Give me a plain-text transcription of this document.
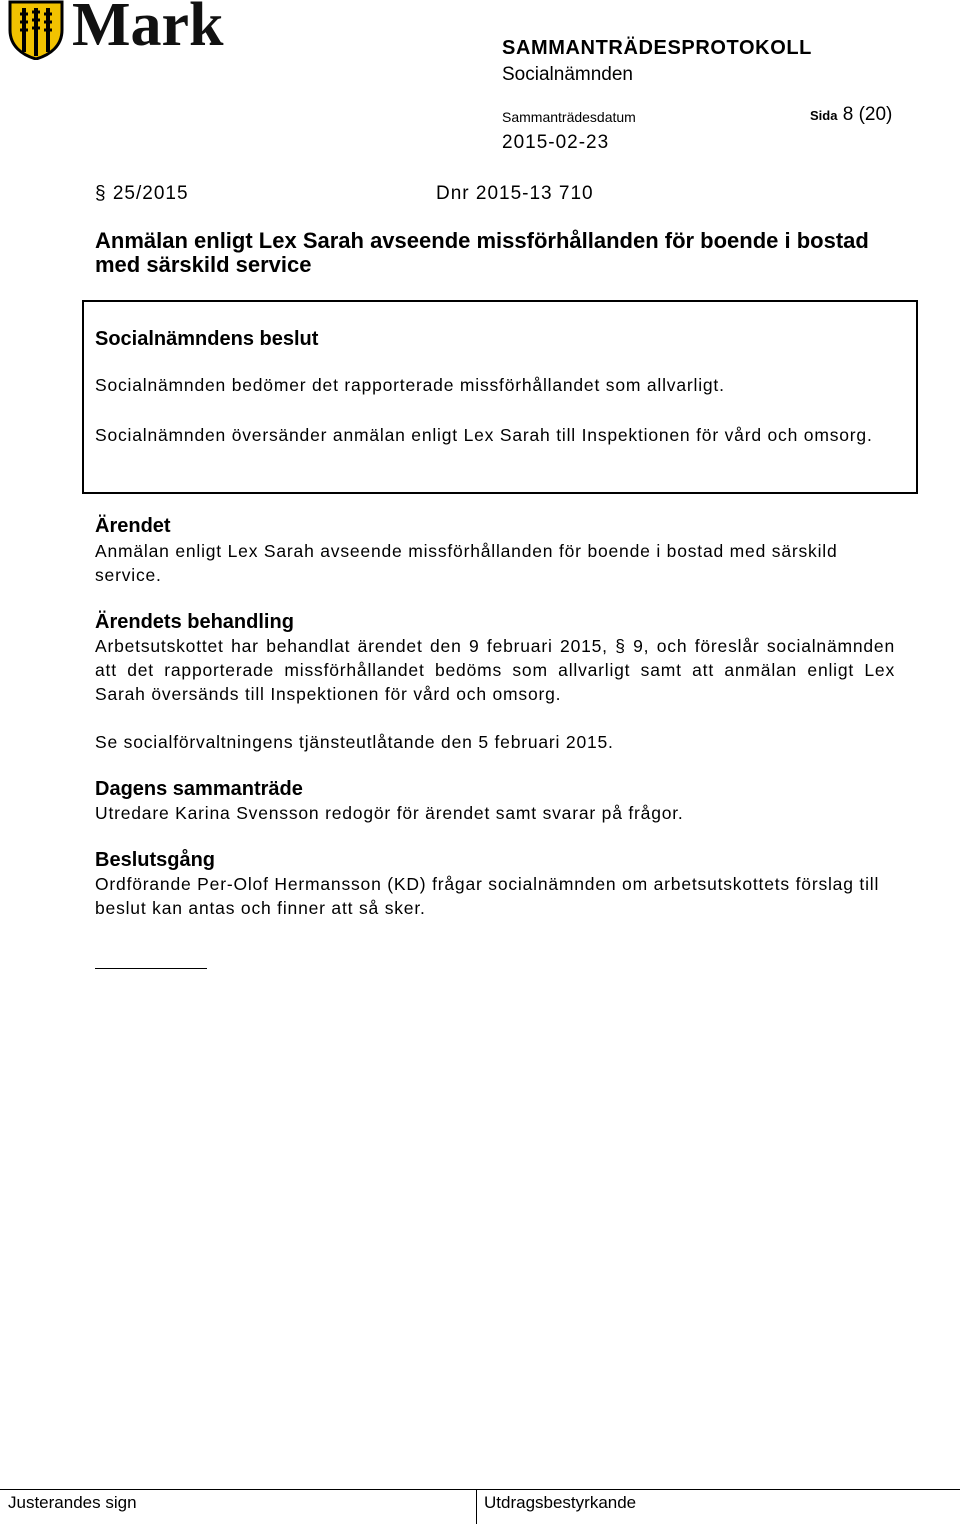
Mark	SAMMANTRÄDESPROTOKOLL
Socialnämnden
Sammanträdesdatum	Sida 8 (20)
2015-02-23
§ 25/2015	Dnr 2015-13 710
Anmälan enligt Lex Sarah avseende missförhållanden för boende i bostad med särskild service
Socialnämndens beslut

Socialnämnden bedömer det rapporterade missförhållandet som allvarligt.

Socialnämnden översänder anmälan enligt Lex Sarah till Inspektionen för vård och omsorg.

Ärendet

Anmälan enligt Lex Sarah avseende missförhållanden för boende i bostad med särskild service.

Ärendets behandling

Arbetsutskottet har behandlat ärendet den 9 februari 2015, § 9, och föreslår socialnämnden att det rapporterade missförhållandet bedöms som allvarligt samt att anmälan enligt Lex Sarah översänds till Inspektionen för vård och omsorg.

Se socialförvaltningens tjänsteutlåtande den 5 februari 2015.

Dagens sammanträde

Utredare Karina Svensson redogör för ärendet samt svarar på frågor.

Beslutsgång

Ordförande Per-Olof Hermansson (KD) frågar socialnämnden om arbetsutskottets förslag till beslut kan antas och finner att så sker.

Justerandes sign	Utdragsbestyrkande
